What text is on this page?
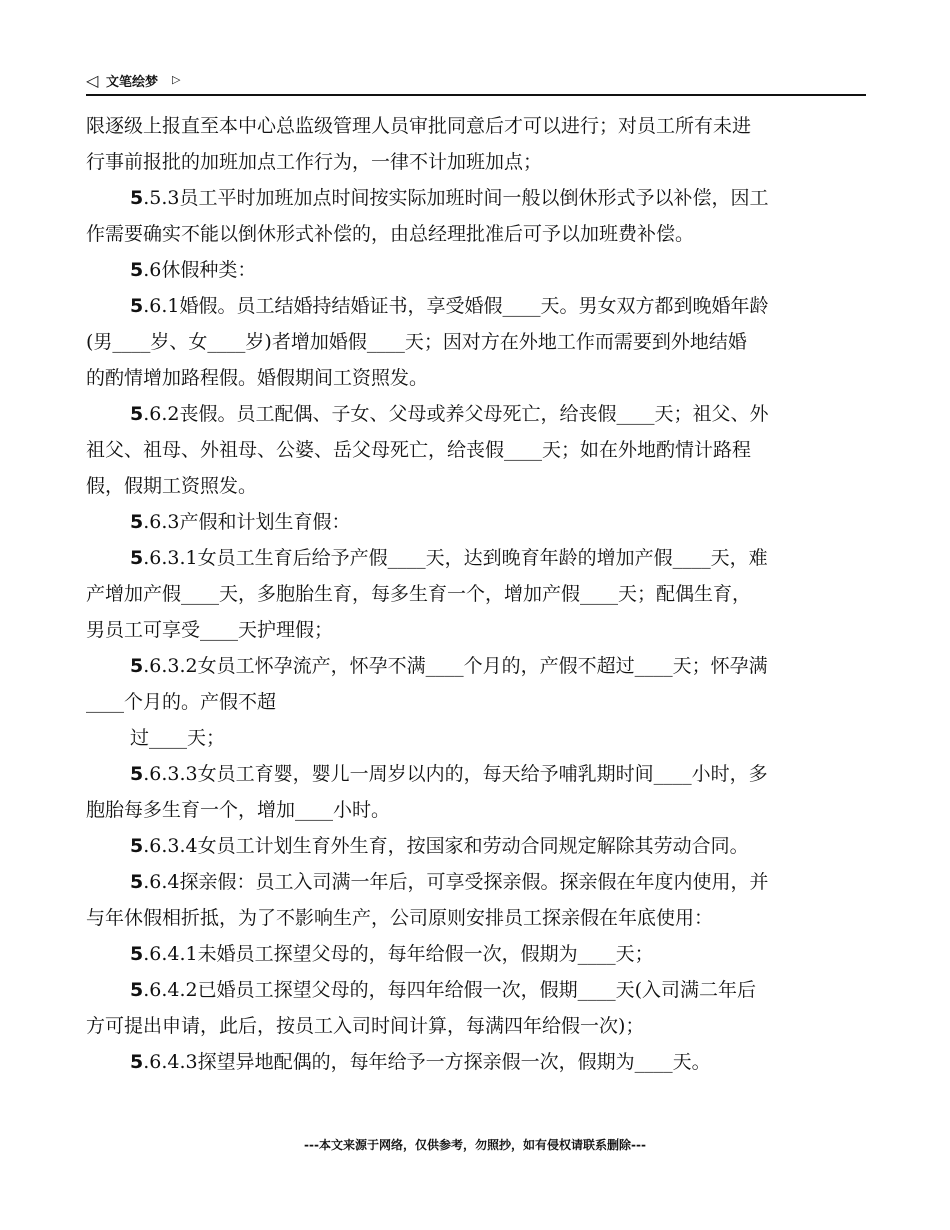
◁ 文笔绘梦 ▷
限逐级上报直至本中心总监级管理人员审批同意后才可以进行；对员工所有未进
行事前报批的加班加点工作行为，一律不计加班加点；
5.5.3员工平时加班加点时间按实际加班时间一般以倒休形式予以补偿，因工
作需要确实不能以倒休形式补偿的，由总经理批准后可予以加班费补偿。
5.6休假种类：
5.6.1婚假。员工结婚持结婚证书，享受婚假____天。男女双方都到晚婚年龄
(男____岁、女____岁)者增加婚假____天；因对方在外地工作而需要到外地结婚
的酌情增加路程假。婚假期间工资照发。
5.6.2丧假。员工配偶、子女、父母或养父母死亡，给丧假____天；祖父、外
祖父、祖母、外祖母、公婆、岳父母死亡，给丧假____天；如在外地酌情计路程
假，假期工资照发。
5.6.3产假和计划生育假：
5.6.3.1女员工生育后给予产假____天，达到晚育年龄的增加产假____天，难
产增加产假____天，多胞胎生育，每多生育一个，增加产假____天；配偶生育，
男员工可享受____天护理假；
5.6.3.2女员工怀孕流产，怀孕不满____个月的，产假不超过____天；怀孕满
____个月的。产假不超
过____天；
5.6.3.3女员工育婴，婴儿一周岁以内的，每天给予哺乳期时间____小时，多
胞胎每多生育一个，增加____小时。
5.6.3.4女员工计划生育外生育，按国家和劳动合同规定解除其劳动合同。
5.6.4探亲假：员工入司满一年后，可享受探亲假。探亲假在年度内使用，并
与年休假相折抵，为了不影响生产，公司原则安排员工探亲假在年底使用：
5.6.4.1未婚员工探望父母的，每年给假一次，假期为____天；
5.6.4.2已婚员工探望父母的，每四年给假一次，假期____天(入司满二年后
方可提出申请，此后，按员工入司时间计算，每满四年给假一次)；
5.6.4.3探望异地配偶的，每年给予一方探亲假一次，假期为____天。
---本文来源于网络，仅供参考，勿照抄，如有侵权请联系删除---
